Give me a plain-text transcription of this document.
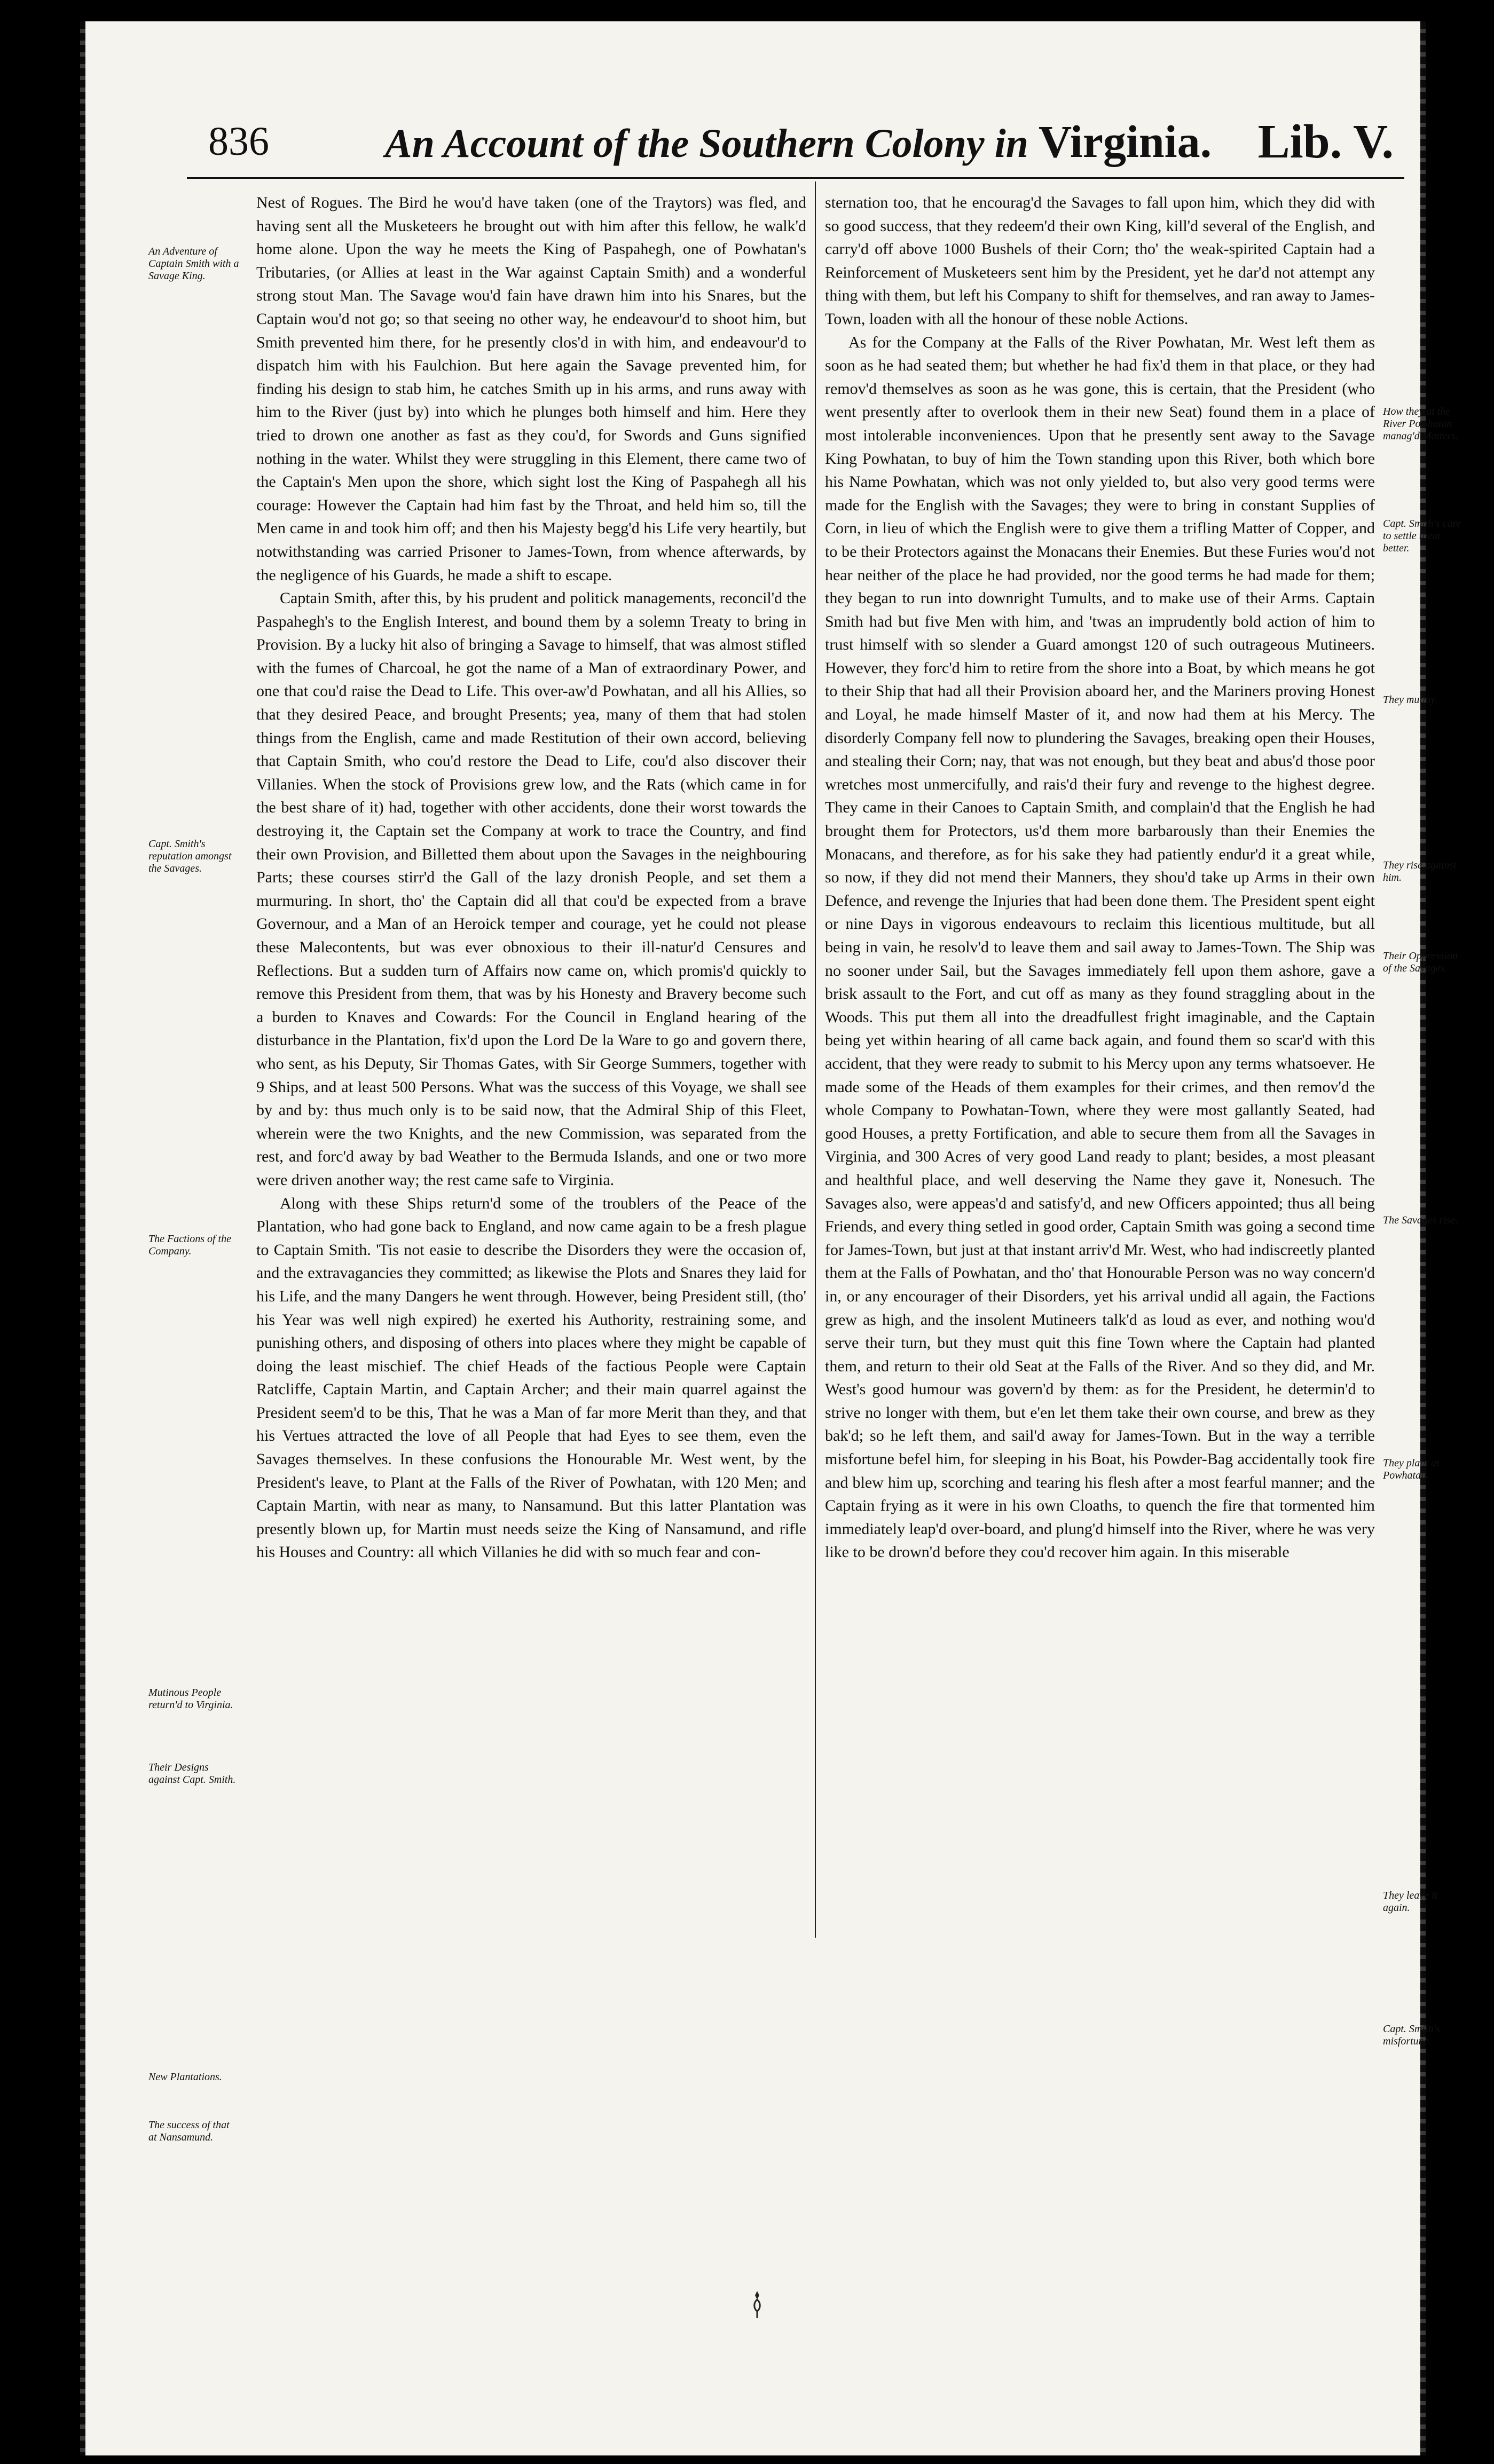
836	An Account of the Southern Colony in Virginia. Lib. V.

Nest of Rogues. The Bird he wou'd have taken (one of the Traytors) was fled, and having sent all the Musketeers he brought out with him after this fellow, he walk'd home alone. Upon the way he meets the King of Paspahegh, one of Powhatan's Tributaries, (or Allies at least in the War against Captain Smith) and a wonderful strong stout Man. The Savage wou'd fain have drawn him into his Snares, but the Captain wou'd not go; so that seeing no other way, he endeavour'd to shoot him, but Smith prevented him there, for he presently clos'd in with him, and endeavour'd to dispatch him with his Faulchion. But here again the Savage prevented him, for finding his design to stab him, he catches Smith up in his arms, and runs away with him to the River (just by) into which he plunges both himself and him. Here they tried to drown one another as fast as they cou'd, for Swords and Guns signified nothing in the water. Whilst they were struggling in this Element, there came two of the Captain's Men upon the shore, which sight lost the King of Paspahegh all his courage: However the Captain had him fast by the Throat, and held him so, till the Men came in and took him off; and then his Majesty begg'd his Life very heartily, but notwithstanding was carried Prisoner to James-Town, from whence afterwards, by the negligence of his Guards, he made a shift to escape.

Captain Smith, after this, by his prudent and politick managements, reconcil'd the Paspahegh's to the English Interest, and bound them by a solemn Treaty to bring in Provision. By a lucky hit also of bringing a Savage to himself, that was almost stifled with the fumes of Charcoal, he got the name of a Man of extraordinary Power, and one that cou'd raise the Dead to Life. This over-aw'd Powhatan, and all his Allies, so that they desired Peace, and brought Presents; yea, many of them that had stolen things from the English, came and made Restitution of their own accord, believing that Captain Smith, who cou'd restore the Dead to Life, cou'd also discover their Villanies. When the stock of Provisions grew low, and the Rats (which came in for the best share of it) had, together with other accidents, done their worst towards the destroying it, the Captain set the Company at work to trace the Country, and find their own Provision, and Billetted them about upon the Savages in the neighbouring Parts; these courses stirr'd the Gall of the lazy dronish People, and set them a murmuring. In short, tho' the Captain did all that cou'd be expected from a brave Governour, and a Man of an Heroick temper and courage, yet he could not please these Malecontents, but was ever obnoxious to their ill-natur'd Censures and Reflections. But a sudden turn of Affairs now came on, which promis'd quickly to remove this President from them, that was by his Honesty and Bravery become such a burden to Knaves and Cowards: For the Council in England hearing of the disturbance in the Plantation, fix'd upon the Lord De la Ware to go and govern there, who sent, as his Deputy, Sir Thomas Gates, with Sir George Summers, together with 9 Ships, and at least 500 Persons. What was the success of this Voyage, we shall see by and by: thus much only is to be said now, that the Admiral Ship of this Fleet, wherein were the two Knights, and the new Commission, was separated from the rest, and forc'd away by bad Weather to the Bermuda Islands, and one or two more were driven another way; the rest came safe to Virginia.

Along with these Ships return'd some of the troublers of the Peace of the Plantation, who had gone back to England, and now came again to be a fresh plague to Captain Smith. 'Tis not easie to describe the Disorders they were the occasion of, and the extravagancies they committed; as likewise the Plots and Snares they laid for his Life, and the many Dangers he went through. However, being President still, (tho' his Year was well nigh expired) he exerted his Authority, restraining some, and punishing others, and disposing of others into places where they might be capable of doing the least mischief. The chief Heads of the factious People were Captain Ratcliffe, Captain Martin, and Captain Archer; and their main quarrel against the President seem'd to be this, That he was a Man of far more Merit than they, and that his Vertues attracted the love of all People that had Eyes to see them, even the Savages themselves. In these confusions the Honourable Mr. West went, by the President's leave, to Plant at the Falls of the River of Powhatan, with 120 Men; and Captain Martin, with near as many, to Nansamund. But this latter Plantation was presently blown up, for Martin must needs seize the King of Nansamund, and rifle his Houses and Country: all which Villanies he did with so much fear and con-

sternation too, that he encourag'd the Savages to fall upon him, which they did with so good success, that they redeem'd their own King, kill'd several of the English, and carry'd off above 1000 Bushels of their Corn; tho' the weak-spirited Captain had a Reinforcement of Musketeers sent him by the President, yet he dar'd not attempt any thing with them, but left his Company to shift for themselves, and ran away to James-Town, loaden with all the honour of these noble Actions.

As for the Company at the Falls of the River Powhatan, Mr. West left them as soon as he had seated them; but whether he had fix'd them in that place, or they had remov'd themselves as soon as he was gone, this is certain, that the President (who went presently after to overlook them in their new Seat) found them in a place of most intolerable inconveniences. Upon that he presently sent away to the Savage King Powhatan, to buy of him the Town standing upon this River, both which bore his Name Powhatan, which was not only yielded to, but also very good terms were made for the English with the Savages; they were to bring in constant Supplies of Corn, in lieu of which the English were to give them a trifling Matter of Copper, and to be their Protectors against the Monacans their Enemies. But these Furies wou'd not hear neither of the place he had provided, nor the good terms he had made for them; they began to run into downright Tumults, and to make use of their Arms. Captain Smith had but five Men with him, and 'twas an imprudently bold action of him to trust himself with so slender a Guard amongst 120 of such outrageous Mutineers. However, they forc'd him to retire from the shore into a Boat, by which means he got to their Ship that had all their Provision aboard her, and the Mariners proving Honest and Loyal, he made himself Master of it, and now had them at his Mercy. The disorderly Company fell now to plundering the Savages, breaking open their Houses, and stealing their Corn; nay, that was not enough, but they beat and abus'd those poor wretches most unmercifully, and rais'd their fury and revenge to the highest degree. They came in their Canoes to Captain Smith, and complain'd that the English he had brought them for Protectors, us'd them more barbarously than their Enemies the Monacans, and therefore, as for his sake they had patiently endur'd it a great while, so now, if they did not mend their Manners, they shou'd take up Arms in their own Defence, and revenge the Injuries that had been done them. The President spent eight or nine Days in vigorous endeavours to reclaim this licentious multitude, but all being in vain, he resolv'd to leave them and sail away to James-Town. The Ship was no sooner under Sail, but the Savages immediately fell upon them ashore, gave a brisk assault to the Fort, and cut off as many as they found straggling about in the Woods. This put them all into the dreadfullest fright imaginable, and the Captain being yet within hearing of all came back again, and found them so scar'd with this accident, that they were ready to submit to his Mercy upon any terms whatsoever. He made some of the Heads of them examples for their crimes, and then remov'd the whole Company to Powhatan-Town, where they were most gallantly Seated, had good Houses, a pretty Fortification, and able to secure them from all the Savages in Virginia, and 300 Acres of very good Land ready to plant; besides, a most pleasant and healthful place, and well deserving the Name they gave it, Nonesuch. The Savages also, were appeas'd and satisfy'd, and new Officers appointed; thus all being Friends, and every thing setled in good order, Captain Smith was going a second time for James-Town, but just at that instant arriv'd Mr. West, who had indiscreetly planted them at the Falls of Powhatan, and tho' that Honourable Person was no way concern'd in, or any encourager of their Disorders, yet his arrival undid all again, the Factions grew as high, and the insolent Mutineers talk'd as loud as ever, and nothing wou'd serve their turn, but they must quit this fine Town where the Captain had planted them, and return to their old Seat at the Falls of the River. And so they did, and Mr. West's good humour was govern'd by them: as for the President, he determin'd to strive no longer with them, but e'en let them take their own course, and brew as they bak'd; so he left them, and sail'd away for James-Town. But in the way a terrible misfortune befel him, for sleeping in his Boat, his Powder-Bag accidentally took fire and blew him up, scorching and tearing his flesh after a most fearful manner; and the Captain frying as it were in his own Cloaths, to quench the fire that tormented him immediately leap'd over-board, and plung'd himself into the River, where he was very like to be drown'd before they cou'd recover him again. In this miserable

An Adventure of Captain Smith with a Savage King.
Capt. Smith's reputation amongst the Savages.
The Factions of the Company.
Mutinous People return'd to Virginia.
Their Designs against Capt. Smith.
New Plantations.
The success of that at Nansamund.
How they at the River Powhatan manag'd Matters.
Capt. Smith's care to settle them better.
They mutiny.
They rise against him.
Their Oppression of the Savages.
The Savages rise.
They plant at Powhatan.
They leave it again.
Capt. Smith's misfortune.
